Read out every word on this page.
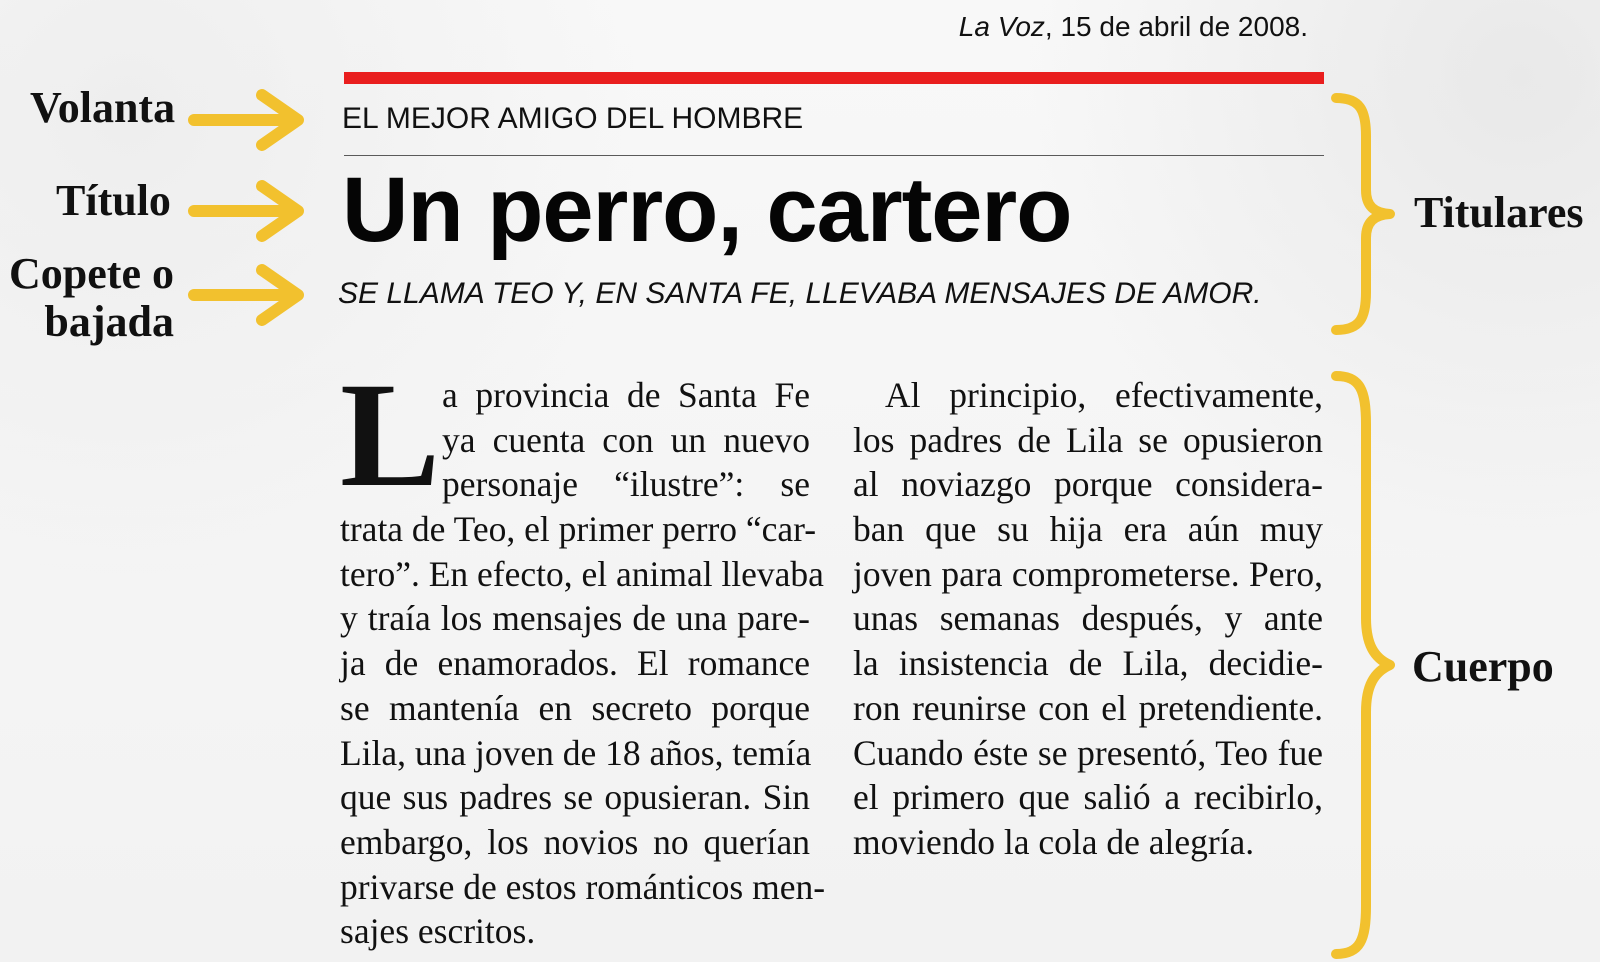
La Voz, 15 de abril de 2008.
Volanta
Título
Copete o bajada
EL MEJOR AMIGO DEL HOMBRE
Un perro, cartero
SE LLAMA TEO Y, EN SANTA FE, LLEVABA MENSAJES DE AMOR.
Titulares
Cuerpo
L a provincia de Santa Fe
ya cuenta con un nuevo
personaje “ilustre”: se
trata de Teo, el primer perro “car-
tero”. En efecto, el animal llevaba
y traía los mensajes de una pare-
ja de enamorados. El romance
se mantenía en secreto porque
Lila, una joven de 18 años, temía
que sus padres se opusieran. Sin
embargo, los novios no querían
privarse de estos románticos men-
sajes escritos.
Al principio, efectivamente,
los padres de Lila se opusieron
al noviazgo porque considera-
ban que su hija era aún muy
joven para comprometerse. Pero,
unas semanas después, y ante
la insistencia de Lila, decidie-
ron reunirse con el pretendiente.
Cuando éste se presentó, Teo fue
el primero que salió a recibirlo,
moviendo la cola de alegría.
